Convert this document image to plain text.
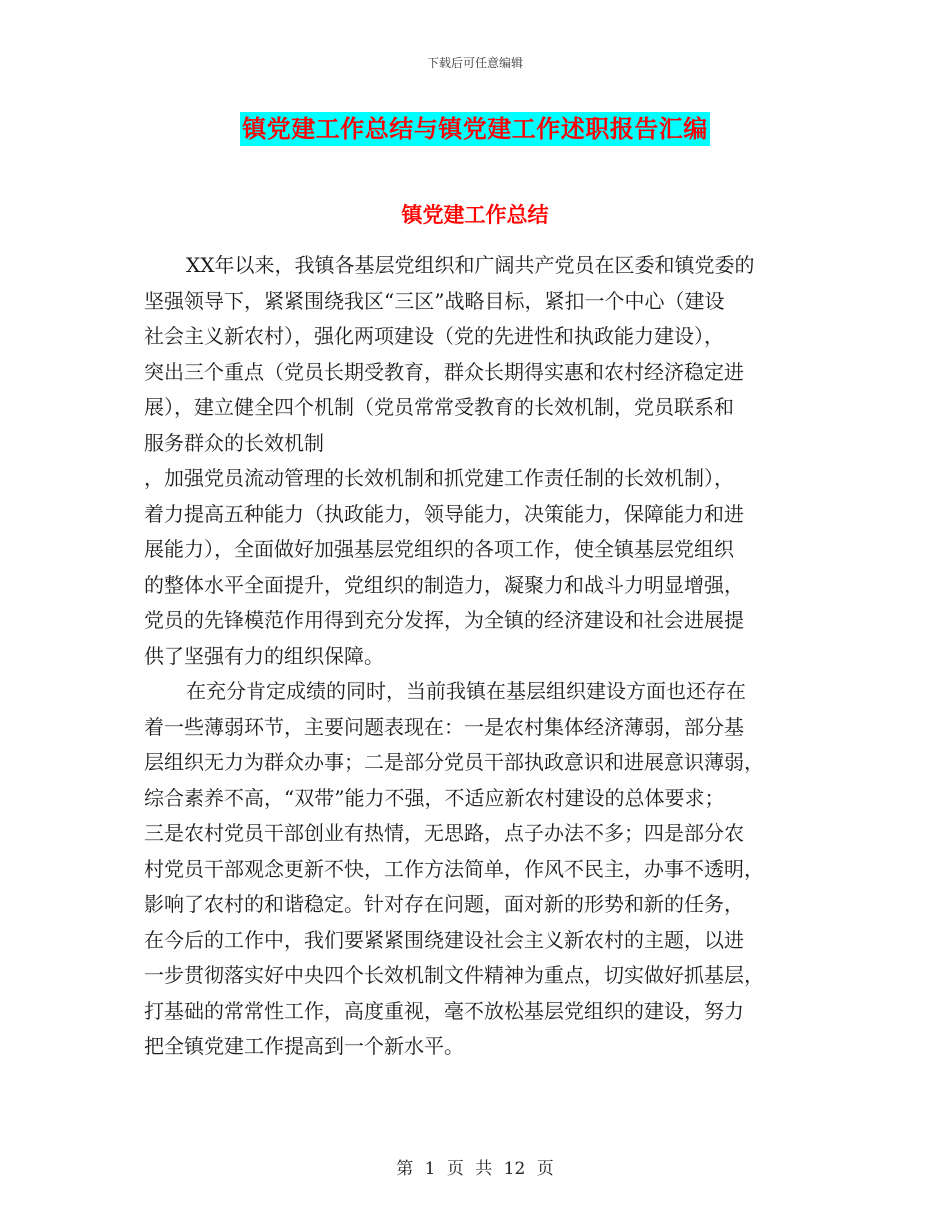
下载后可任意编辑
镇党建工作总结与镇党建工作述职报告汇编
镇党建工作总结

XX年以来，我镇各基层党组织和广阔共产党员在区委和镇党委的

坚强领导下，紧紧围绕我区“三区”战略目标，紧扣一个中心（建设

社会主义新农村），强化两项建设（党的先进性和执政能力建设），

突出三个重点（党员长期受教育，群众长期得实惠和农村经济稳定进

展），建立健全四个机制（党员常常受教育的长效机制，党员联系和

服务群众的长效机制

，加强党员流动管理的长效机制和抓党建工作责任制的长效机制），

着力提高五种能力（执政能力，领导能力，决策能力，保障能力和进

展能力），全面做好加强基层党组织的各项工作，使全镇基层党组织

的整体水平全面提升，党组织的制造力，凝聚力和战斗力明显增强，

党员的先锋模范作用得到充分发挥，为全镇的经济建设和社会进展提

供了坚强有力的组织保障。

在充分肯定成绩的同时，当前我镇在基层组织建设方面也还存在

着一些薄弱环节，主要问题表现在：一是农村集体经济薄弱，部分基

层组织无力为群众办事；二是部分党员干部执政意识和进展意识薄弱，

综合素养不高，“双带”能力不强，不适应新农村建设的总体要求；

三是农村党员干部创业有热情，无思路，点子办法不多；四是部分农

村党员干部观念更新不快，工作方法简单，作风不民主，办事不透明，

影响了农村的和谐稳定。针对存在问题，面对新的形势和新的任务，

在今后的工作中，我们要紧紧围绕建设社会主义新农村的主题，以进

一步贯彻落实好中央四个长效机制文件精神为重点，切实做好抓基层，

打基础的常常性工作，高度重视，毫不放松基层党组织的建设，努力

把全镇党建工作提高到一个新水平。

第 1 页 共 12 页
